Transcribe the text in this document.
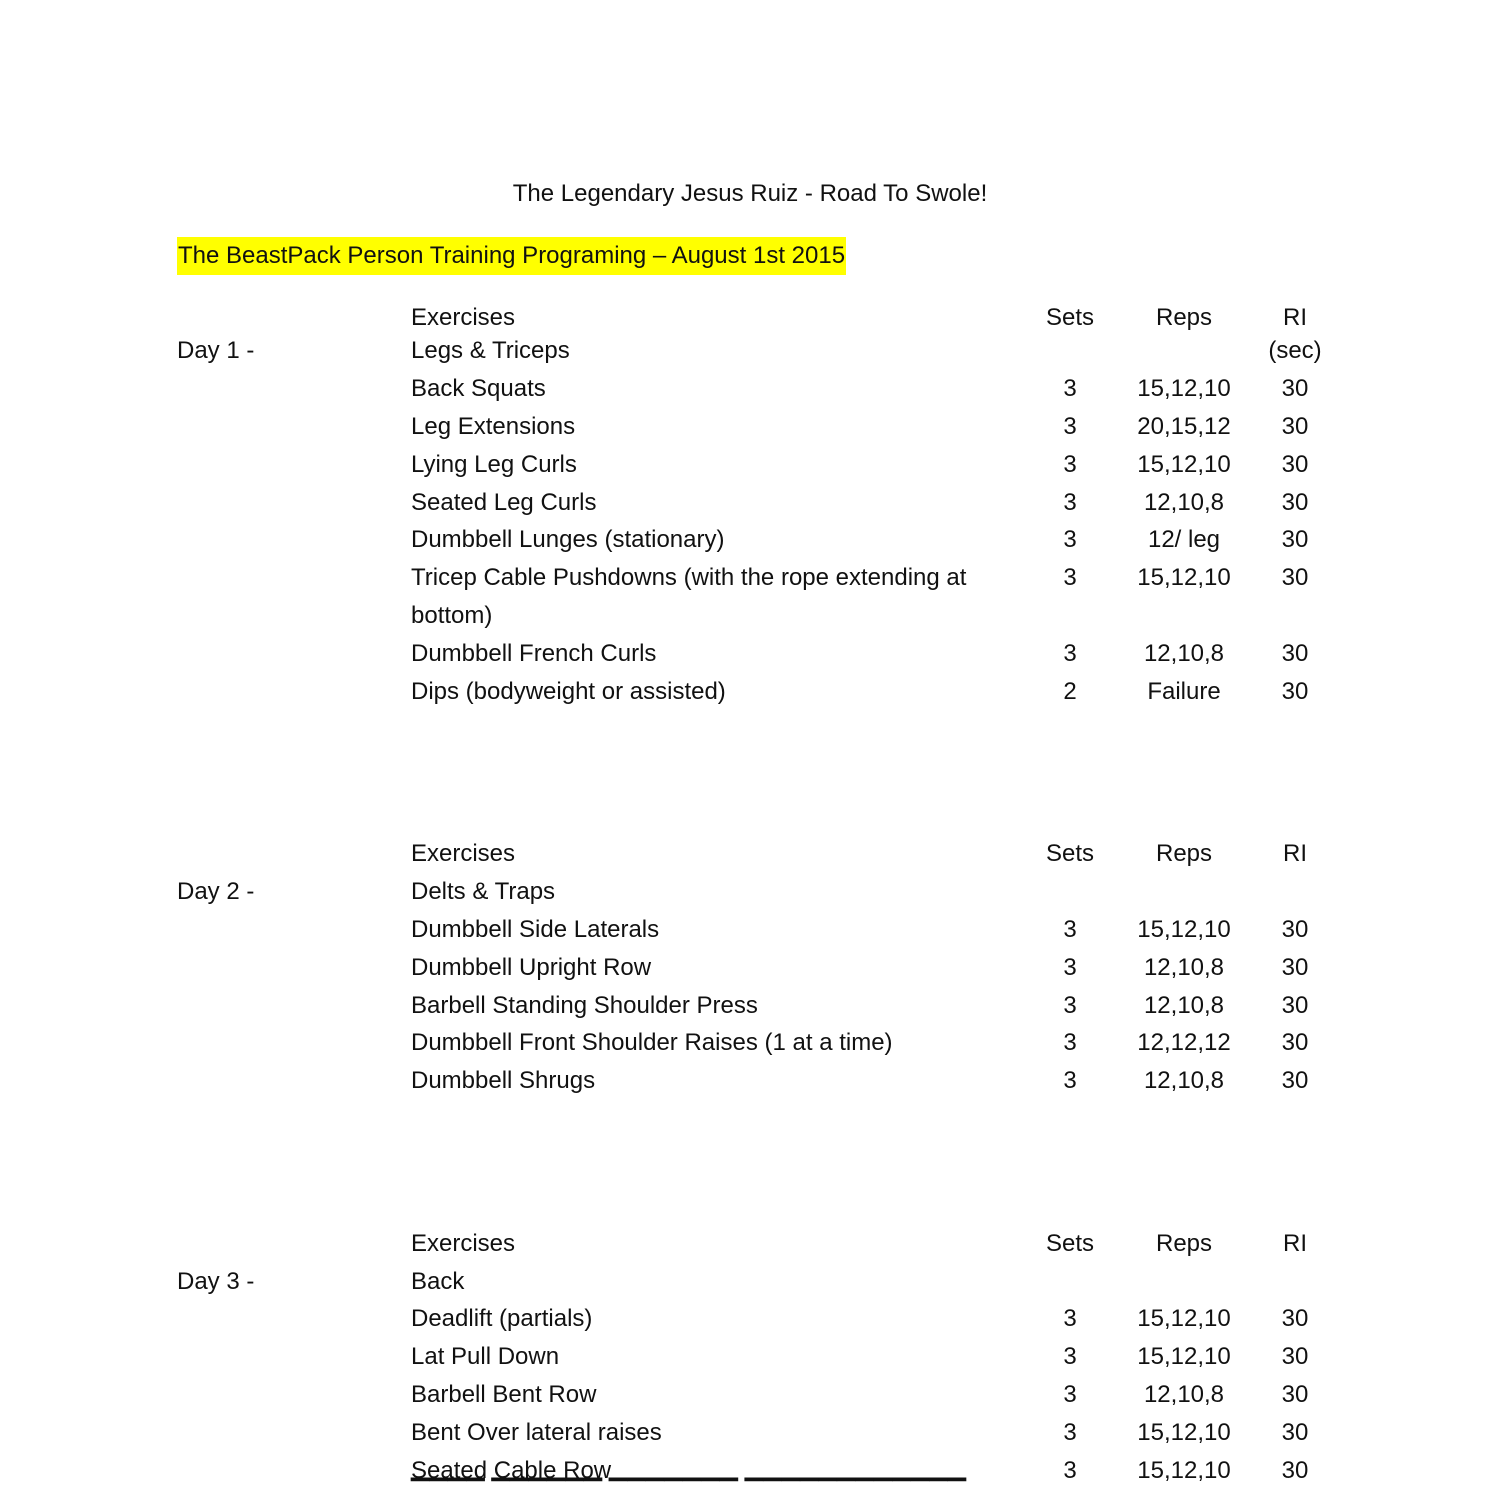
The Legendary Jesus Ruiz - Road To Swole!
The BeastPack Person Training Programing – August 1st 2015
Exercises	Sets	Reps	RI
Day 1 -	Legs & Triceps	(sec)
Back Squats	3	15,12,10	30
Leg Extensions	3	20,15,12	30
Lying Leg Curls	3	15,12,10	30
Seated Leg Curls	3	12,10,8	30
Dumbbell Lunges (stationary)	3	12/ leg	30
Tricep Cable Pushdowns (with the rope extending at	3	15,12,10	30
bottom)
Dumbbell French Curls	3	12,10,8	30
Dips (bodyweight or assisted)	2	Failure	30
Exercises	Sets	Reps	RI
Day 2 -	Delts & Traps
Dumbbell Side Laterals	3	15,12,10	30
Dumbbell Upright Row	3	12,10,8	30
Barbell Standing Shoulder Press	3	12,10,8	30
Dumbbell Front Shoulder Raises (1 at a time)	3	12,12,12	30
Dumbbell Shrugs	3	12,10,8	30
Exercises	Sets	Reps	RI
Day 3 -	Back
Deadlift (partials)	3	15,12,10	30
Lat Pull Down	3	15,12,10	30
Barbell Bent Row	3	12,10,8	30
Bent Over lateral raises	3	15,12,10	30
Seated Cable Row	3	15,12,10	30
▔▔▔▔ ▔▔▔▔▔▔ ▔▔▔▔▔▔▔ ▔▔▔▔▔▔▔▔▔▔▔▔
